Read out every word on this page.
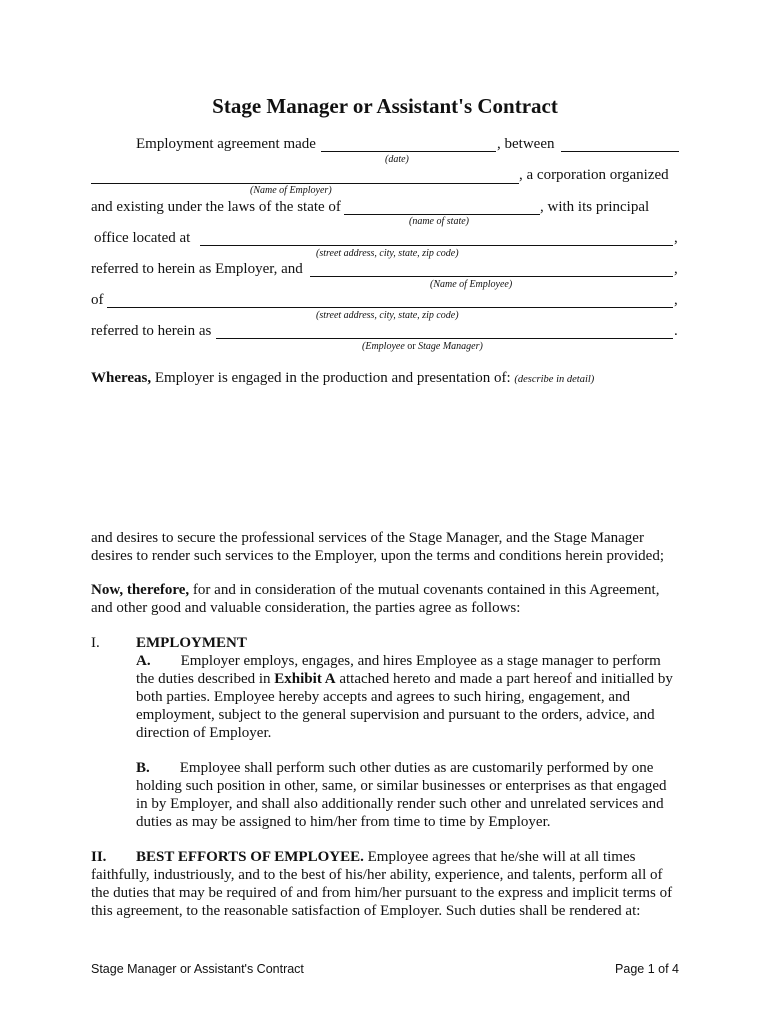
Stage Manager or Assistant's Contract
Employment agreement made	, between
(date)
, a corporation organized
(Name of Employer)
and existing under the laws of the state of	, with its principal
(name of state)
office located at	,
(street address, city, state, zip code)
referred to herein as Employer, and	,
(Name of Employee)
of	,
(street address, city, state, zip code)
referred to herein as	.
(Employee or Stage Manager)
Whereas, Employer is engaged in the production and presentation of: (describe in detail)
and desires to secure the professional services of the Stage Manager, and the Stage Manager
desires to render such services to the Employer, upon the terms and conditions herein provided;
Now, therefore, for and in consideration of the mutual covenants contained in this Agreement,
and other good and valuable consideration, the parties agree as follows:
I. EMPLOYMENT
A. Employer employs, engages, and hires Employee as a stage manager to perform
the duties described in Exhibit A attached hereto and made a part hereof and initialled by
both parties. Employee hereby accepts and agrees to such hiring, engagement, and
employment, subject to the general supervision and pursuant to the orders, advice, and
direction of Employer.
B. Employee shall perform such other duties as are customarily performed by one
holding such position in other, same, or similar businesses or enterprises as that engaged
in by Employer, and shall also additionally render such other and unrelated services and
duties as may be assigned to him/her from time to time by Employer.
II. BEST EFFORTS OF EMPLOYEE. Employee agrees that he/she will at all times
faithfully, industriously, and to the best of his/her ability, experience, and talents, perform all of
the duties that may be required of and from him/her pursuant to the express and implicit terms of
this agreement, to the reasonable satisfaction of Employer. Such duties shall be rendered at:
Stage Manager or Assistant's Contract	Page 1 of 4
